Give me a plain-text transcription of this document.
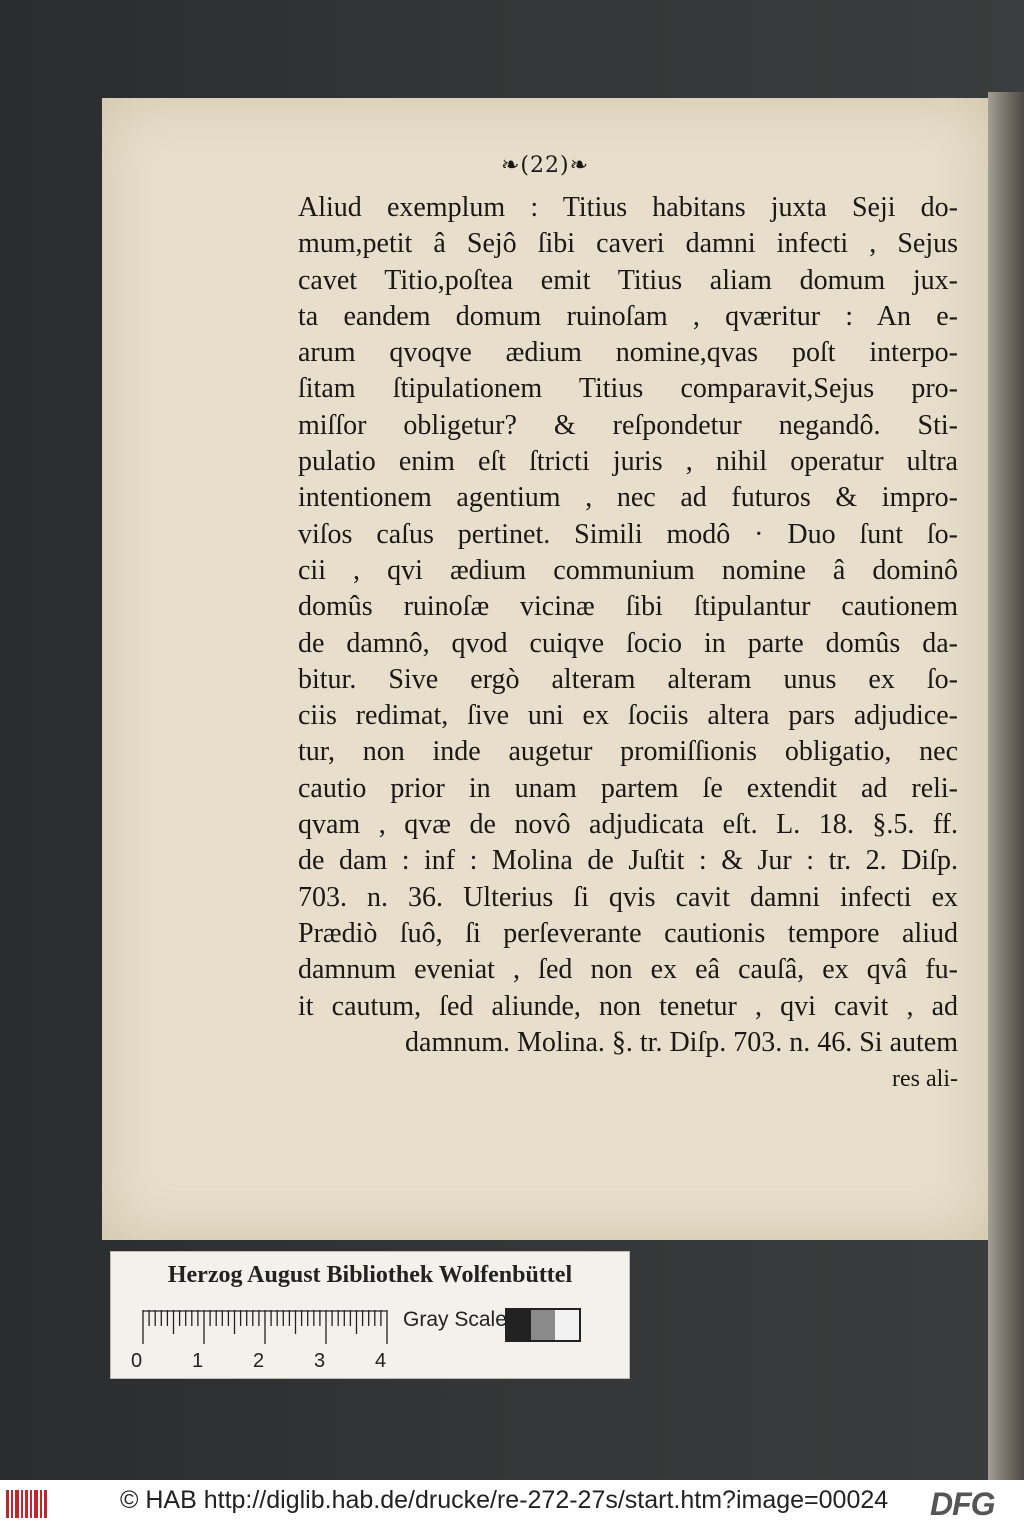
❧(22)❧
Aliud exemplum : Titius habitans juxta Seji do-
mum,petit â Sejô ſibi caveri damni infecti , Sejus
cavet Titio,poſtea emit Titius aliam domum jux-
ta eandem domum ruinoſam , qværitur : An e-
arum qvoqve ædium nomine,qvas poſt interpo-
ſitam ſtipulationem Titius comparavit,Sejus pro-
miſſor obligetur? & reſpondetur negandô. Sti-
pulatio enim eſt ſtricti juris , nihil operatur ultra
intentionem agentium , nec ad futuros & impro-
viſos caſus pertinet. Simili modô · Duo ſunt ſo-
cii , qvi ædium communium nomine â dominô
domûs ruinoſæ vicinæ ſibi ſtipulantur cautionem
de damnô, qvod cuiqve ſocio in parte domûs da-
bitur. Sive ergò alteram alteram unus ex ſo-
ciis redimat, ſive uni ex ſociis altera pars adjudice-
tur, non inde augetur promiſſionis obligatio, nec
cautio prior in unam partem ſe extendit ad reli-
qvam , qvæ de novô adjudicata eſt. L. 18. §.5. ff.
de dam : inf : Molina de Juſtit : & Jur : tr. 2. Diſp.
703. n. 36. Ulterius ſi qvis cavit damni infecti ex
Prædiò ſuô, ſi perſeverante cautionis tempore aliud
damnum eveniat , ſed non ex eâ cauſâ, ex qvâ fu-
it cautum, ſed aliunde, non tenetur , qvi cavit , ad
damnum. Molina. §. tr. Diſp. 703. n. 46. Si autem
res ali-
Herzog August Bibliothek Wolfenbüttel
0 1 2 3 4
Gray Scale
© HAB http://diglib.hab.de/drucke/re-272-27s/start.htm?image=00024 DFG
